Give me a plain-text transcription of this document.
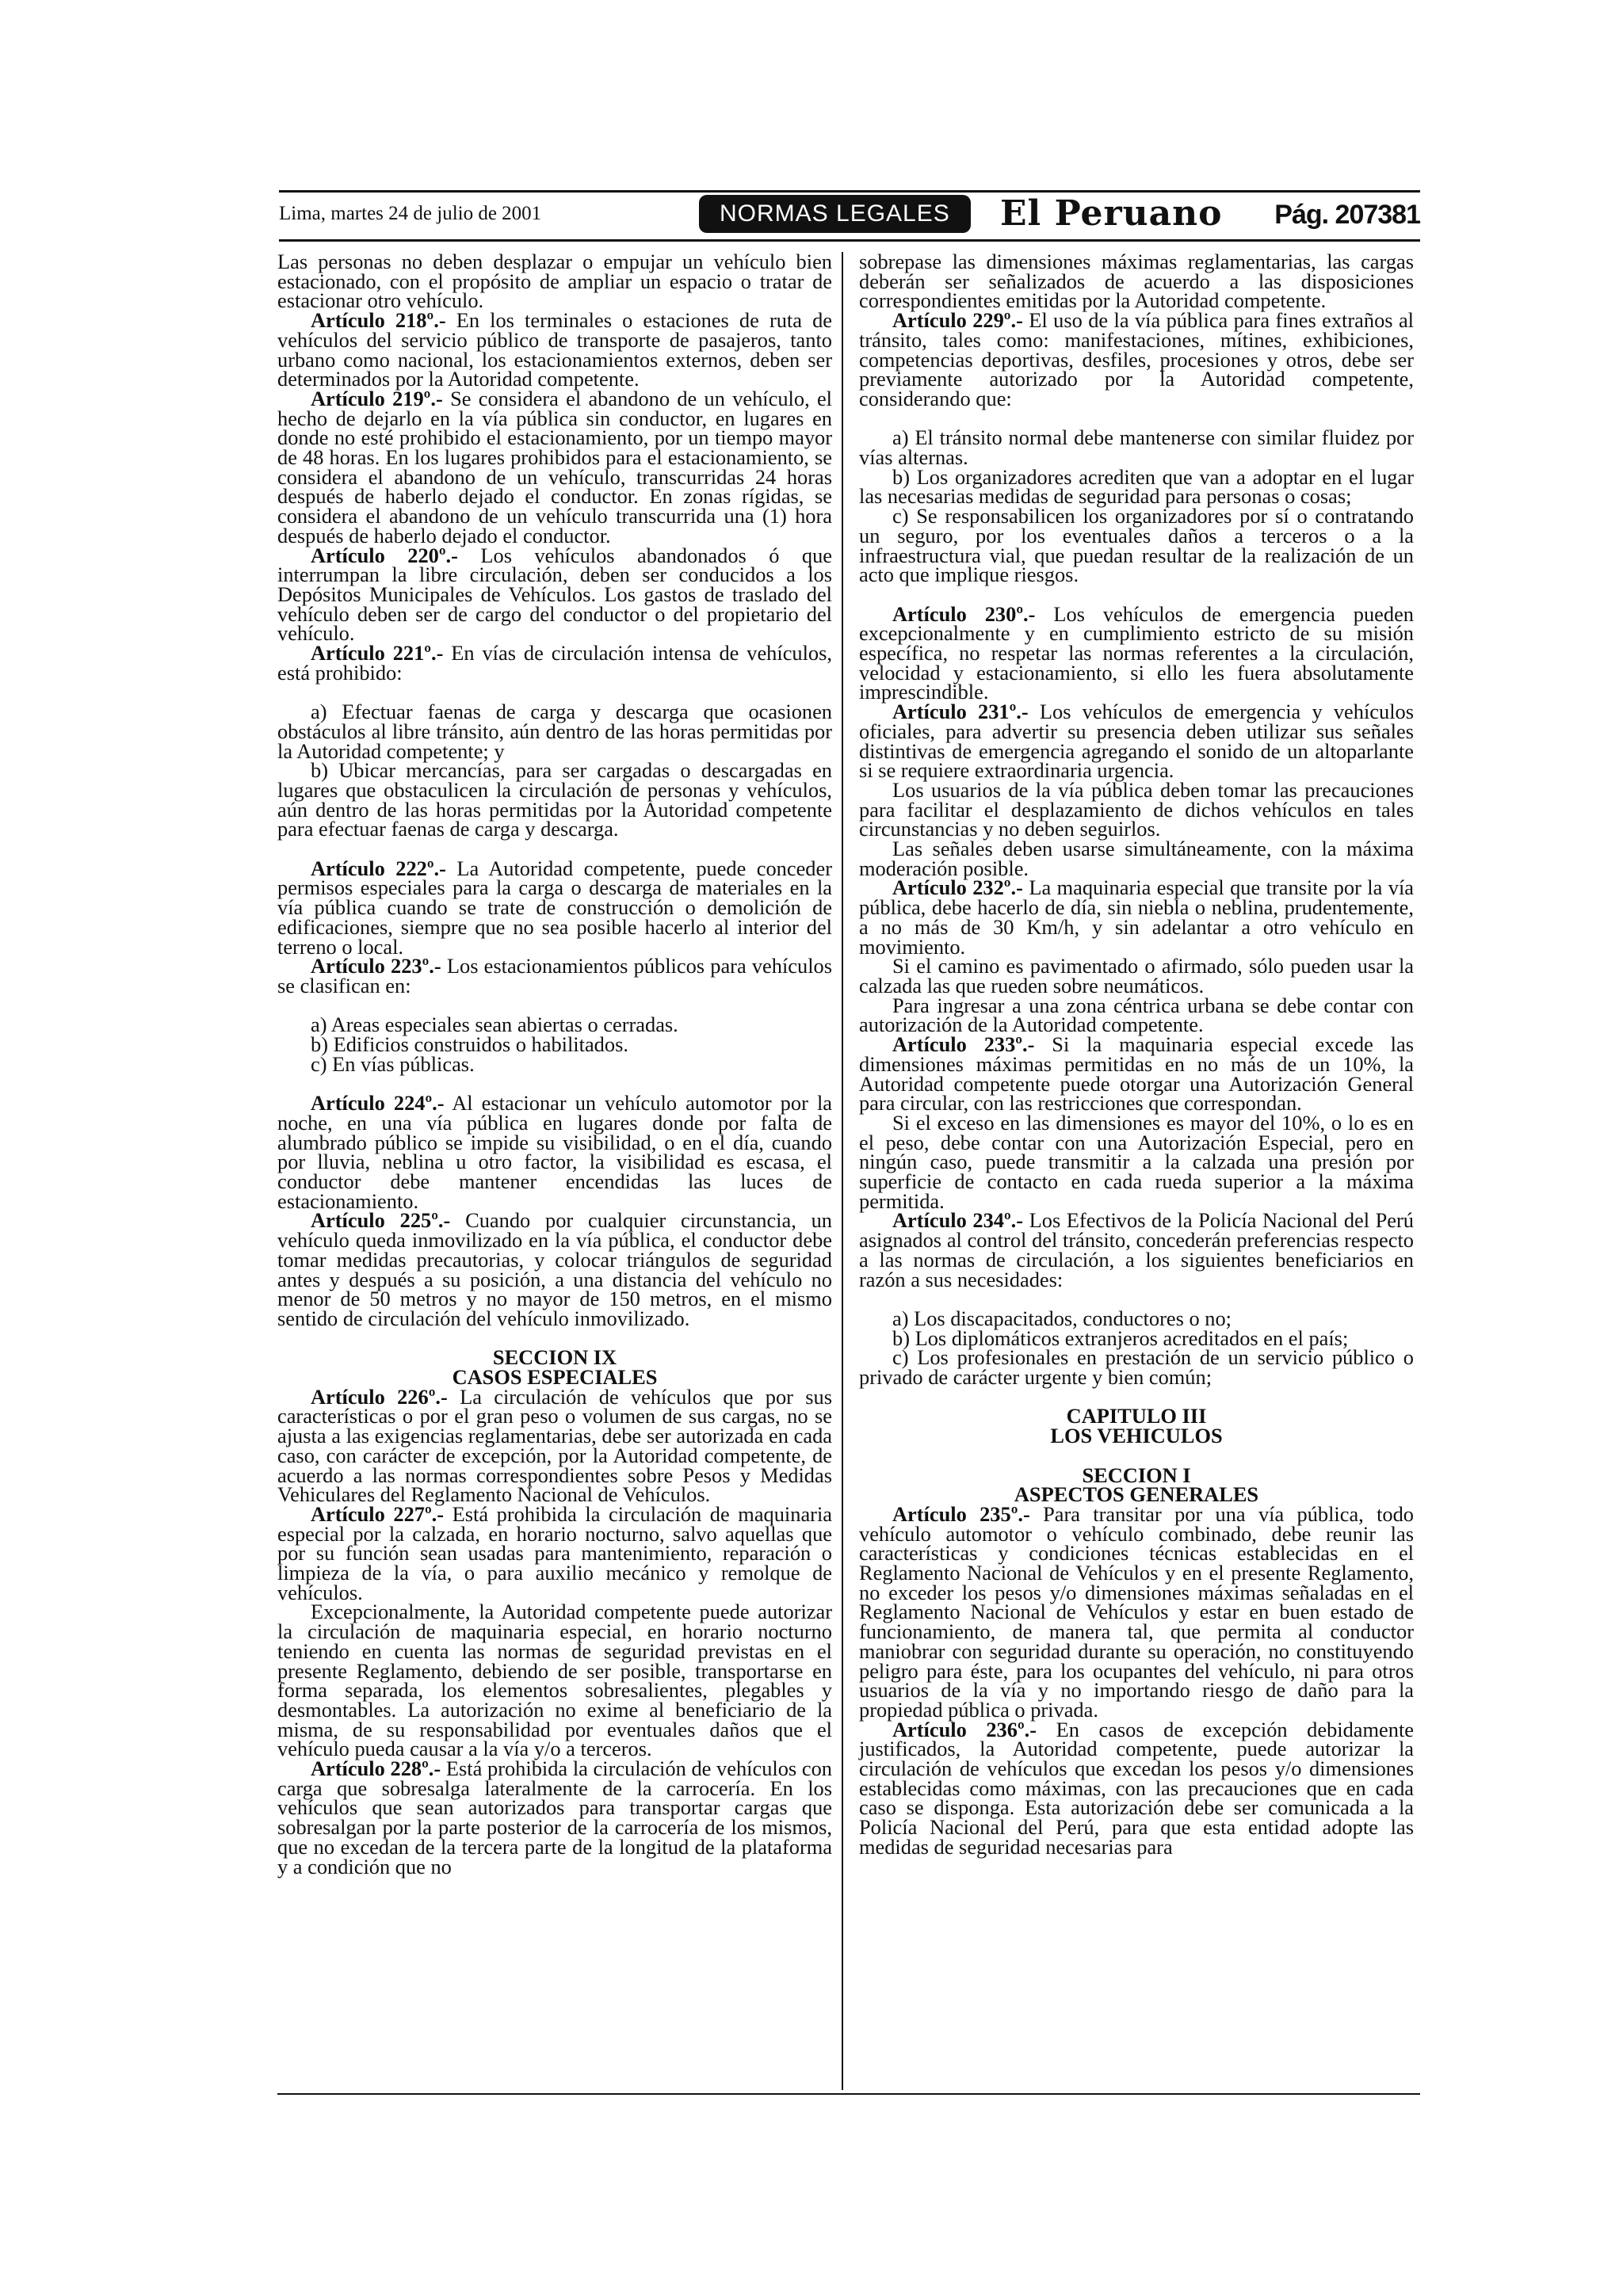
Lima, martes 24 de julio de 2001	NORMAS LEGALES	El Peruano Pág. 207381

Las personas no deben desplazar o empujar un vehículo bien estacionado, con el propósito de ampliar un espacio o tratar de estacionar otro vehículo.

Artículo 218º.- En los terminales o estaciones de ruta de vehículos del servicio público de transporte de pasajeros, tanto urbano como nacional, los estacionamientos externos, deben ser determinados por la Autoridad competente.

Artículo 219º.- Se considera el abandono de un vehículo, el hecho de dejarlo en la vía pública sin conductor, en lugares en donde no esté prohibido el estacionamiento, por un tiempo mayor de 48 horas. En los lugares prohibidos para el estacionamiento, se considera el abandono de un vehículo, transcurridas 24 horas después de haberlo dejado el conductor. En zonas rígidas, se considera el abandono de un vehículo transcurrida una (1) hora después de haberlo dejado el conductor.

Artículo 220º.- Los vehículos abandonados ó que interrumpan la libre circulación, deben ser conducidos a los Depósitos Municipales de Vehículos. Los gastos de traslado del vehículo deben ser de cargo del conductor o del propietario del vehículo.

Artículo 221º.- En vías de circulación intensa de vehículos, está prohibido:

a) Efectuar faenas de carga y descarga que ocasionen obstáculos al libre tránsito, aún dentro de las horas permitidas por la Autoridad competente; y

b) Ubicar mercancías, para ser cargadas o descargadas en lugares que obstaculicen la circulación de personas y vehículos, aún dentro de las horas permitidas por la Autoridad competente para efectuar faenas de carga y descarga.

Artículo 222º.- La Autoridad competente, puede conceder permisos especiales para la carga o descarga de materiales en la vía pública cuando se trate de construcción o demolición de edificaciones, siempre que no sea posible hacerlo al interior del terreno o local.

Artículo 223º.- Los estacionamientos públicos para vehículos se clasifican en:

a) Areas especiales sean abiertas o cerradas.

b) Edificios construidos o habilitados.

c) En vías públicas.

Artículo 224º.- Al estacionar un vehículo automotor por la noche, en una vía pública en lugares donde por falta de alumbrado público se impide su visibilidad, o en el día, cuando por lluvia, neblina u otro factor, la visibilidad es escasa, el conductor debe mantener encendidas las luces de estacionamiento.

Artículo 225º.- Cuando por cualquier circunstancia, un vehículo queda inmovilizado en la vía pública, el conductor debe tomar medidas precautorias, y colocar triángulos de seguridad antes y después a su posición, a una distancia del vehículo no menor de 50 metros y no mayor de 150 metros, en el mismo sentido de circulación del vehículo inmovilizado.

SECCION IX

CASOS ESPECIALES

Artículo 226º.- La circulación de vehículos que por sus características o por el gran peso o volumen de sus cargas, no se ajusta a las exigencias reglamentarias, debe ser autorizada en cada caso, con carácter de excepción, por la Autoridad competente, de acuerdo a las normas correspondientes sobre Pesos y Medidas Vehiculares del Reglamento Nacional de Vehículos.

Artículo 227º.- Está prohibida la circulación de maquinaria especial por la calzada, en horario nocturno, salvo aquellas que por su función sean usadas para mantenimiento, reparación o limpieza de la vía, o para auxilio mecánico y remolque de vehículos.

Excepcionalmente, la Autoridad competente puede autorizar la circulación de maquinaria especial, en horario nocturno teniendo en cuenta las normas de seguridad previstas en el presente Reglamento, debiendo de ser posible, transportarse en forma separada, los elementos sobresalientes, plegables y desmontables. La autorización no exime al beneficiario de la misma, de su responsabilidad por eventuales daños que el vehículo pueda causar a la vía y/o a terceros.

Artículo 228º.- Está prohibida la circulación de vehículos con carga que sobresalga lateralmente de la carrocería. En los vehículos que sean autorizados para transportar cargas que sobresalgan por la parte posterior de la carrocería de los mismos, que no excedan de la tercera parte de la longitud de la plataforma y a condición que no

sobrepase las dimensiones máximas reglamentarias, las cargas deberán ser señalizados de acuerdo a las disposiciones correspondientes emitidas por la Autoridad competente.

Artículo 229º.- El uso de la vía pública para fines extraños al tránsito, tales como: manifestaciones, mítines, exhibiciones, competencias deportivas, desfiles, procesiones y otros, debe ser previamente autorizado por la Autoridad competente, considerando que:

a) El tránsito normal debe mantenerse con similar fluidez por vías alternas.

b) Los organizadores acrediten que van a adoptar en el lugar las necesarias medidas de seguridad para personas o cosas;

c) Se responsabilicen los organizadores por sí o contratando un seguro, por los eventuales daños a terceros o a la infraestructura vial, que puedan resultar de la realización de un acto que implique riesgos.

Artículo 230º.- Los vehículos de emergencia pueden excepcionalmente y en cumplimiento estricto de su misión específica, no respetar las normas referentes a la circulación, velocidad y estacionamiento, si ello les fuera absolutamente imprescindible.

Artículo 231º.- Los vehículos de emergencia y vehículos oficiales, para advertir su presencia deben utilizar sus señales distintivas de emergencia agregando el sonido de un altoparlante si se requiere extraordinaria urgencia.

Los usuarios de la vía pública deben tomar las precauciones para facilitar el desplazamiento de dichos vehículos en tales circunstancias y no deben seguirlos.

Las señales deben usarse simultáneamente, con la máxima moderación posible.

Artículo 232º.- La maquinaria especial que transite por la vía pública, debe hacerlo de día, sin niebla o neblina, prudentemente, a no más de 30 Km/h, y sin adelantar a otro vehículo en movimiento.

Si el camino es pavimentado o afirmado, sólo pueden usar la calzada las que rueden sobre neumáticos.

Para ingresar a una zona céntrica urbana se debe contar con autorización de la Autoridad competente.

Artículo 233º.- Si la maquinaria especial excede las dimensiones máximas permitidas en no más de un 10%, la Autoridad competente puede otorgar una Autorización General para circular, con las restricciones que correspondan.

Si el exceso en las dimensiones es mayor del 10%, o lo es en el peso, debe contar con una Autorización Especial, pero en ningún caso, puede transmitir a la calzada una presión por superficie de contacto en cada rueda superior a la máxima permitida.

Artículo 234º.- Los Efectivos de la Policía Nacional del Perú asignados al control del tránsito, concederán preferencias respecto a las normas de circulación, a los siguientes beneficiarios en razón a sus necesidades:

a) Los discapacitados, conductores o no;

b) Los diplomáticos extranjeros acreditados en el país;

c) Los profesionales en prestación de un servicio público o privado de carácter urgente y bien común;

CAPITULO III

LOS VEHICULOS

SECCION I

ASPECTOS GENERALES

Artículo 235º.- Para transitar por una vía pública, todo vehículo automotor o vehículo combinado, debe reunir las características y condiciones técnicas establecidas en el Reglamento Nacional de Vehículos y en el presente Reglamento, no exceder los pesos y/o dimensiones máximas señaladas en el Reglamento Nacional de Vehículos y estar en buen estado de funcionamiento, de manera tal, que permita al conductor maniobrar con seguridad durante su operación, no constituyendo peligro para éste, para los ocupantes del vehículo, ni para otros usuarios de la vía y no importando riesgo de daño para la propiedad pública o privada.

Artículo 236º.- En casos de excepción debidamente justificados, la Autoridad competente, puede autorizar la circulación de vehículos que excedan los pesos y/o dimensiones establecidas como máximas, con las precauciones que en cada caso se disponga. Esta autorización debe ser comunicada a la Policía Nacional del Perú, para que esta entidad adopte las medidas de seguridad necesarias para
